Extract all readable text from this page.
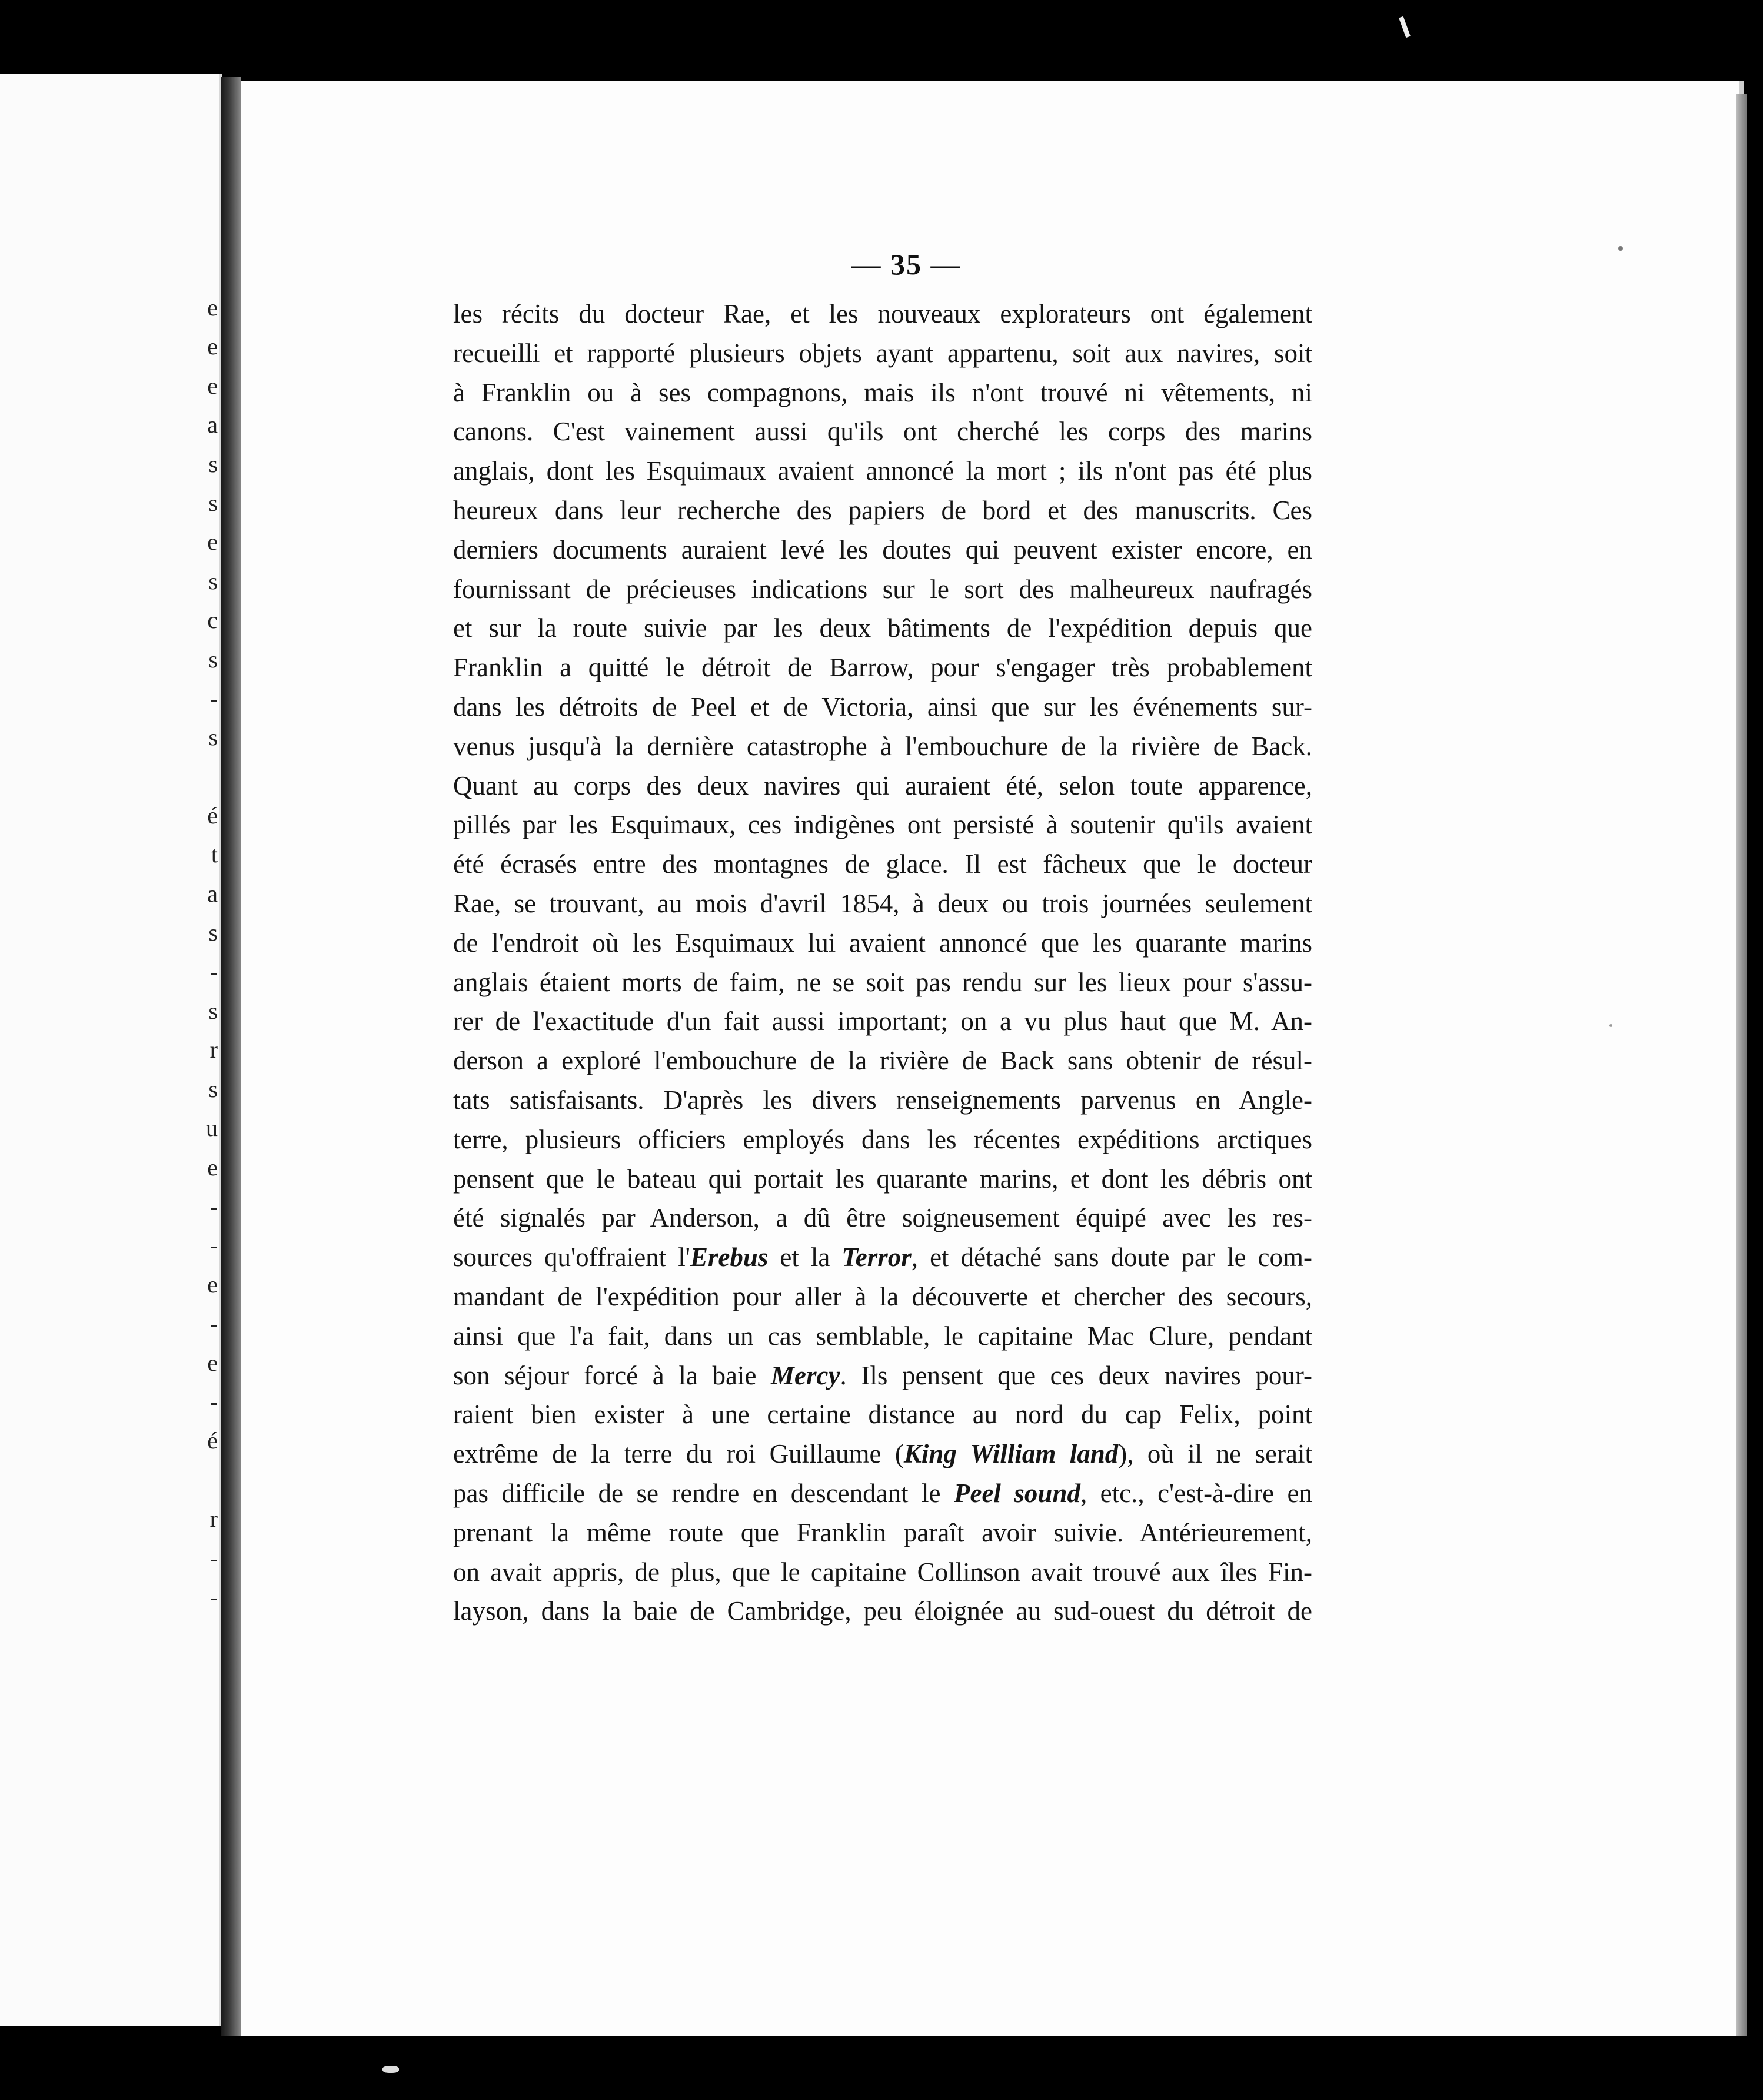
e
e
e
a
s
s
e
s
c
s
-
s
é
t
a
s
-
s
r
s
u
e
-
-
e
-
e
-
é
r
-
-
— 35 —
les récits du docteur Rae, et les nouveaux explorateurs ont également
recueilli et rapporté plusieurs objets ayant appartenu, soit aux navires, soit
à Franklin ou à ses compagnons, mais ils n'ont trouvé ni vêtements, ni
canons. C'est vainement aussi qu'ils ont cherché les corps des marins
anglais, dont les Esquimaux avaient annoncé la mort ; ils n'ont pas été plus
heureux dans leur recherche des papiers de bord et des manuscrits. Ces
derniers documents auraient levé les doutes qui peuvent exister encore, en
fournissant de précieuses indications sur le sort des malheureux naufragés
et sur la route suivie par les deux bâtiments de l'expédition depuis que
Franklin a quitté le détroit de Barrow, pour s'engager très probablement
dans les détroits de Peel et de Victoria, ainsi que sur les événements sur-
venus jusqu'à la dernière catastrophe à l'embouchure de la rivière de Back.
Quant au corps des deux navires qui auraient été, selon toute apparence,
pillés par les Esquimaux, ces indigènes ont persisté à soutenir qu'ils avaient
été écrasés entre des montagnes de glace. Il est fâcheux que le docteur
Rae, se trouvant, au mois d'avril 1854, à deux ou trois journées seulement
de l'endroit où les Esquimaux lui avaient annoncé que les quarante marins
anglais étaient morts de faim, ne se soit pas rendu sur les lieux pour s'assu-
rer de l'exactitude d'un fait aussi important; on a vu plus haut que M. An-
derson a exploré l'embouchure de la rivière de Back sans obtenir de résul-
tats satisfaisants. D'après les divers renseignements parvenus en Angle-
terre, plusieurs officiers employés dans les récentes expéditions arctiques
pensent que le bateau qui portait les quarante marins, et dont les débris ont
été signalés par Anderson, a dû être soigneusement équipé avec les res-
sources qu'offraient l'Erebus et la Terror, et détaché sans doute par le com-
mandant de l'expédition pour aller à la découverte et chercher des secours,
ainsi que l'a fait, dans un cas semblable, le capitaine Mac Clure, pendant
son séjour forcé à la baie Mercy. Ils pensent que ces deux navires pour-
raient bien exister à une certaine distance au nord du cap Felix, point
extrême de la terre du roi Guillaume (King William land), où il ne serait
pas difficile de se rendre en descendant le Peel sound, etc., c'est-à-dire en
prenant la même route que Franklin paraît avoir suivie. Antérieurement,
on avait appris, de plus, que le capitaine Collinson avait trouvé aux îles Fin-
layson, dans la baie de Cambridge, peu éloignée au sud-ouest du détroit de
